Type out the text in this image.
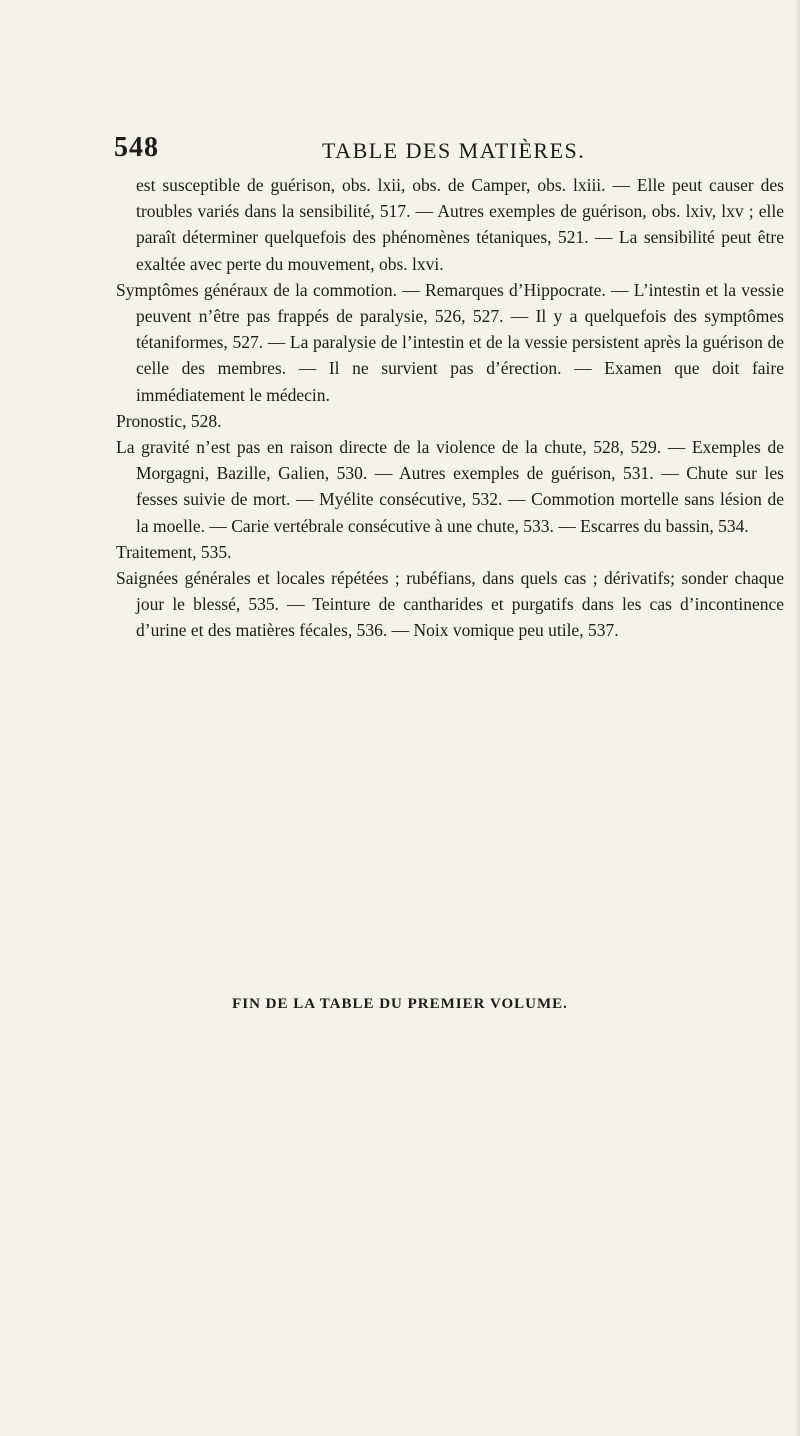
548	TABLE DES MATIÈRES.

est susceptible de guérison, obs. lxii, obs. de Camper, obs. lxiii. — Elle peut causer des troubles variés dans la sensibilité, 517. — Autres exemples de guérison, obs. lxiv, lxv ; elle paraît déterminer quelquefois des phénomènes tétaniques, 521. — La sensibilité peut être exaltée avec perte du mouvement, obs. lxvi.

Symptômes généraux de la commotion. — Remarques d’Hippocrate. — L’intestin et la vessie peuvent n’être pas frappés de paralysie, 526, 527. — Il y a quelquefois des symptômes tétaniformes, 527. — La paralysie de l’intestin et de la vessie persistent après la guérison de celle des membres. — Il ne survient pas d’érection. — Examen que doit faire immédiatement le médecin.

Pronostic, 528.

La gravité n’est pas en raison directe de la violence de la chute, 528, 529. — Exemples de Morgagni, Bazille, Galien, 530. — Autres exemples de guérison, 531. — Chute sur les fesses suivie de mort. — Myélite consécutive, 532. — Commotion mortelle sans lésion de la moelle. — Carie vertébrale consécutive à une chute, 533. — Escarres du bassin, 534.

Traitement, 535.

Saignées générales et locales répétées ; rubéfians, dans quels cas ; dérivatifs; sonder chaque jour le blessé, 535. — Teinture de cantharides et purgatifs dans les cas d’incontinence d’urine et des matières fécales, 536. — Noix vomique peu utile, 537.

FIN DE LA TABLE DU PREMIER VOLUME.
